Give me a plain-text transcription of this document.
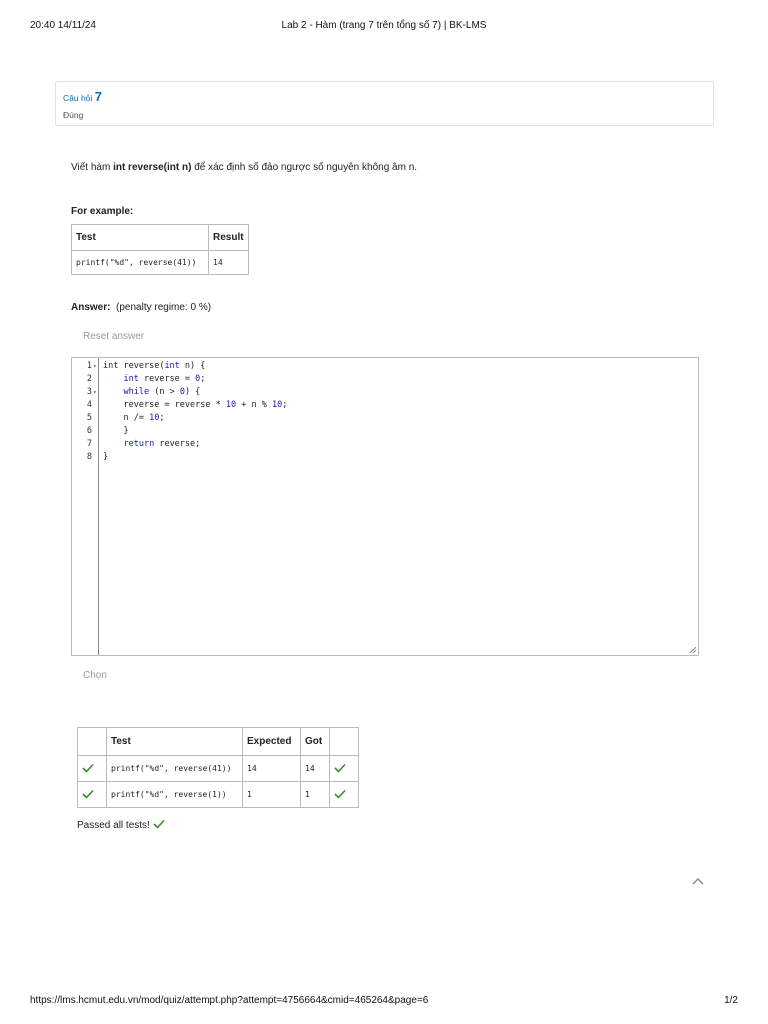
20:40 14/11/24	Lab 2 - Hàm (trang 7 trên tổng số 7) | BK-LMS
Câu hỏi 7
Đúng
Viết hàm int reverse(int n) để xác định số đảo ngược số nguyên không âm n.
For example:
Test	Result
printf("%d", reverse(41))	14
Answer: (penalty regime: 0 %)
Reset answer
1 ▾ int reverse(int n) {
2	int reverse = 0;
3 ▾	while (n > 0) {
4	reverse = reverse * 10 + n % 10;
5	n /= 10;
6 }
7	return reverse;
8 }
Chọn
	Test	Expected	Got	
	printf("%d", reverse(41))	14	14	
	printf("%d", reverse(1))	1	1	
Passed all tests!
https://lms.hcmut.edu.vn/mod/quiz/attempt.php?attempt=4756664&cmid=465264&page=6	1/2
